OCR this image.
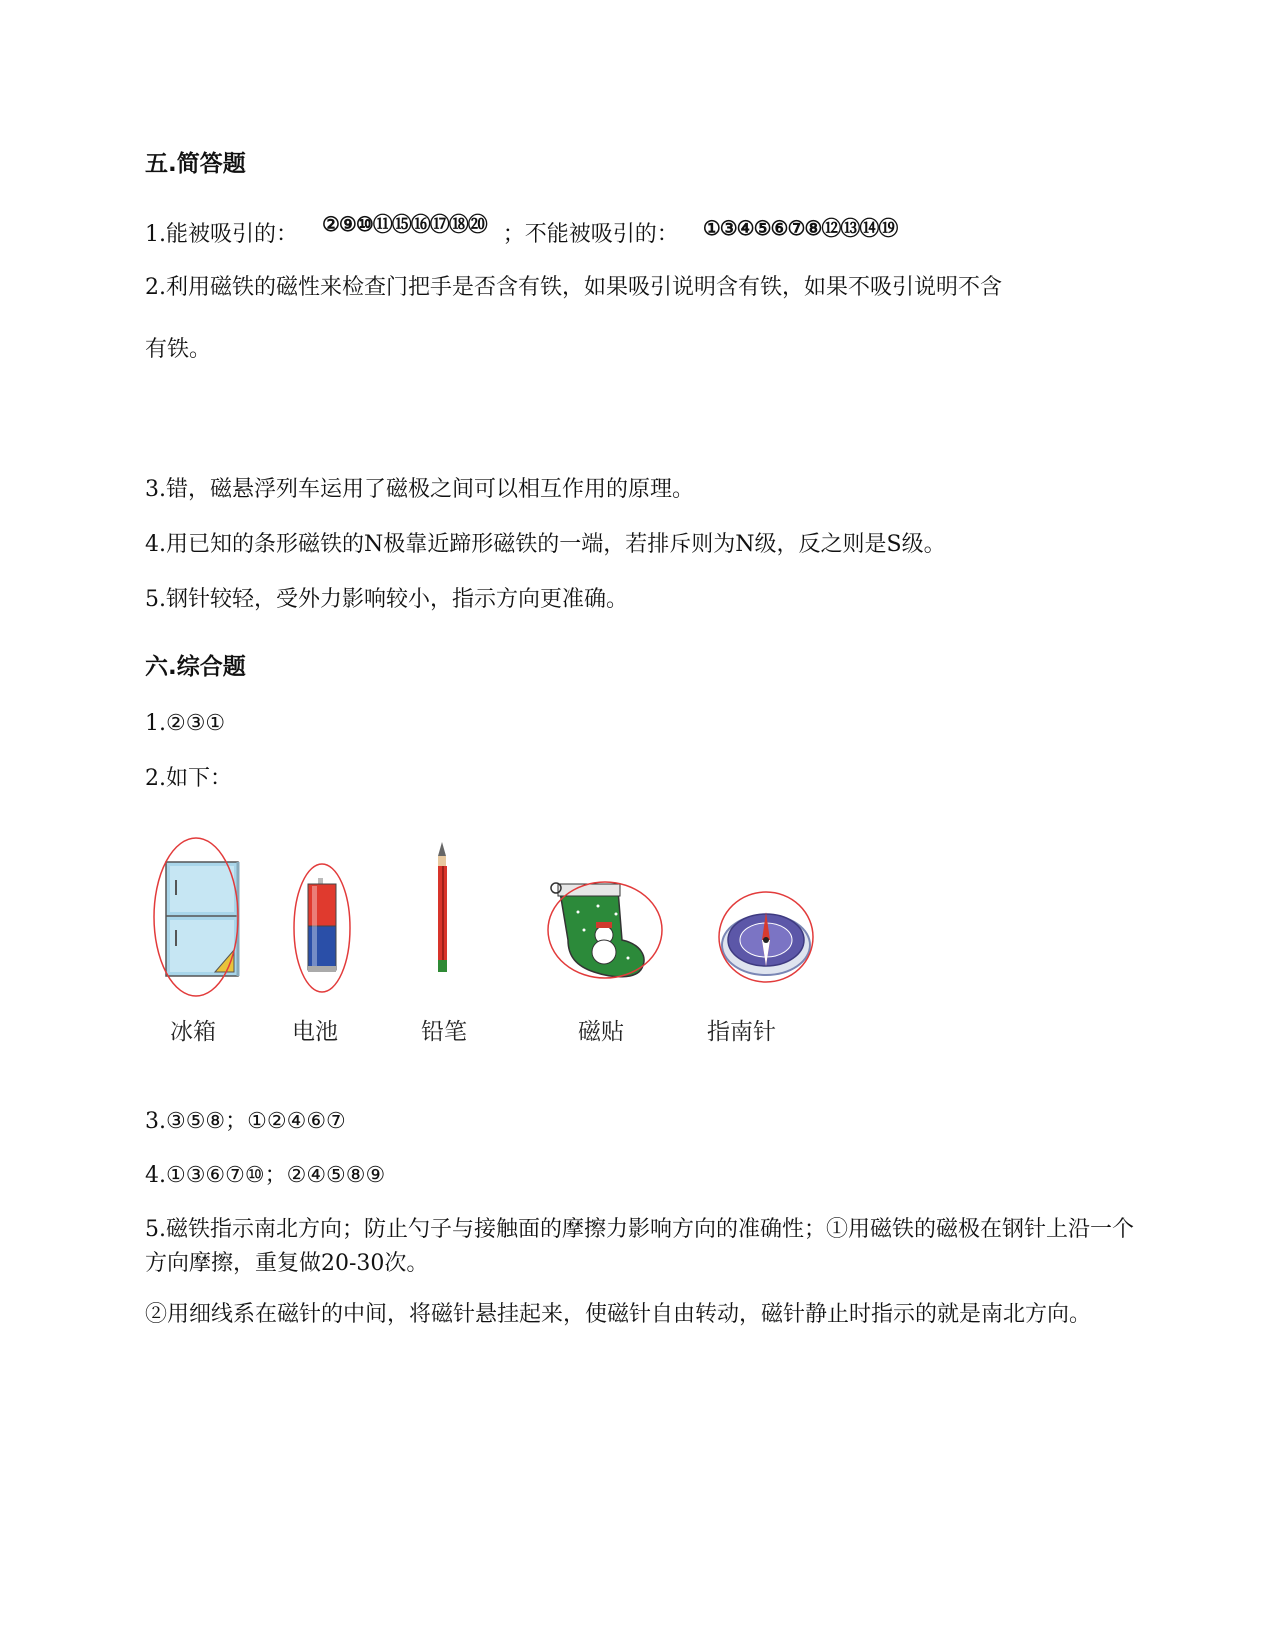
五.简答题
1.能被吸引的： ②⑨⑩⑪⑮⑯⑰⑱⑳ ；不能被吸引的： ①③④⑤⑥⑦⑧⑫⑬⑭⑲
2.利用磁铁的磁性来检查门把手是否含有铁，如果吸引说明含有铁，如果不吸引说明不含
有铁。
3.错，磁悬浮列车运用了磁极之间可以相互作用的原理。
4.用已知的条形磁铁的N极靠近蹄形磁铁的一端，若排斥则为N级，反之则是S级。
5.钢针较轻，受外力影响较小，指示方向更准确。
六.综合题
1.②③①
2.如下：
冰箱	电池	铅笔	磁贴	指南针
3.③⑤⑧；①②④⑥⑦
4.①③⑥⑦⑩；②④⑤⑧⑨
5.磁铁指示南北方向；防止勺子与接触面的摩擦力影响方向的准确性；①用磁铁的磁极在钢针上沿一个方向摩擦，重复做20-30次。
②用细线系在磁针的中间，将磁针悬挂起来，使磁针自由转动，磁针静止时指示的就是南北方向。
